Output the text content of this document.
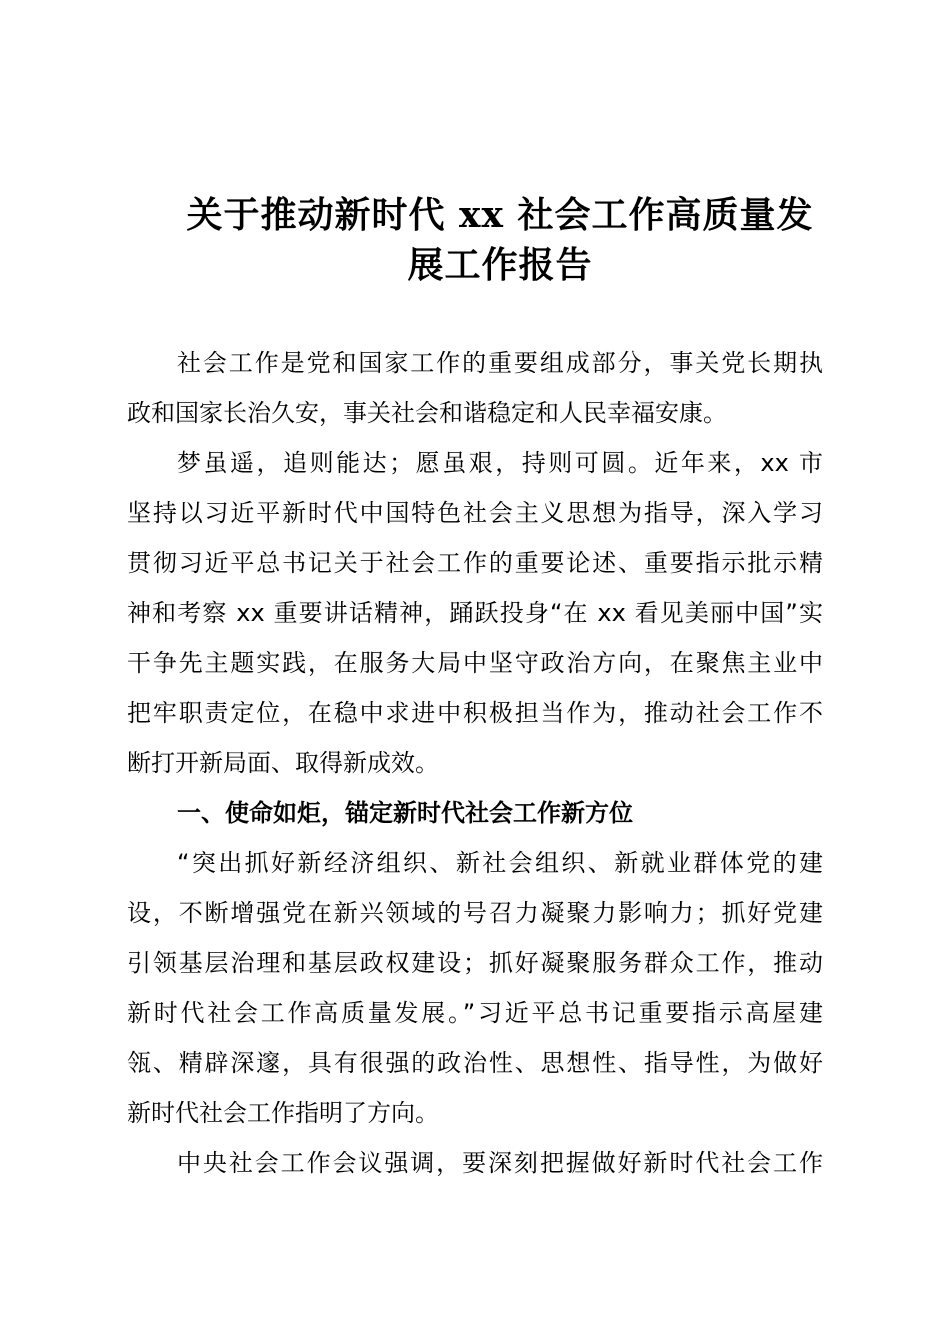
关于推动新时代 xx 社会工作高质量发
展工作报告
社会工作是党和国家工作的重要组成部分，事关党长期执
政和国家长治久安，事关社会和谐稳定和人民幸福安康。
梦虽遥，追则能达；愿虽艰，持则可圆。近年来，xx 市
坚持以习近平新时代中国特色社会主义思想为指导，深入学习
贯彻习近平总书记关于社会工作的重要论述、重要指示批示精
神和考察 xx 重要讲话精神，踊跃投身“在 xx 看见美丽中国”实
干争先主题实践，在服务大局中坚守政治方向，在聚焦主业中
把牢职责定位，在稳中求进中积极担当作为，推动社会工作不
断打开新局面、取得新成效。
一、使命如炬，锚定新时代社会工作新方位
“突出抓好新经济组织、新社会组织、新就业群体党的建
设，不断增强党在新兴领域的号召力凝聚力影响力；抓好党建
引领基层治理和基层政权建设；抓好凝聚服务群众工作，推动
新时代社会工作高质量发展。”习近平总书记重要指示高屋建
瓴、精辟深邃，具有很强的政治性、思想性、指导性，为做好
新时代社会工作指明了方向。
中央社会工作会议强调，要深刻把握做好新时代社会工作
